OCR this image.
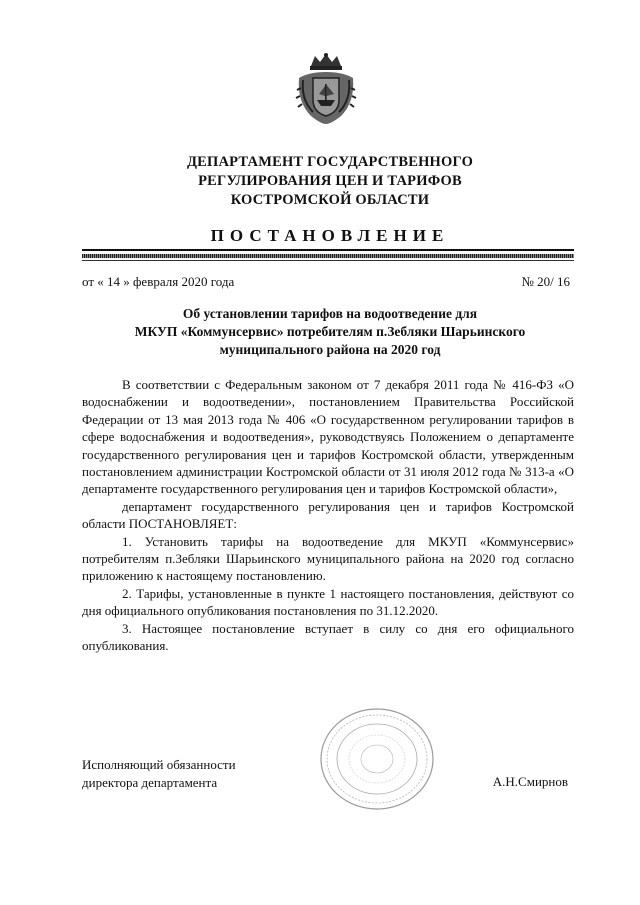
ДЕПАРТАМЕНТ ГОСУДАРСТВЕННОГО
РЕГУЛИРОВАНИЯ ЦЕН И ТАРИФОВ
КОСТРОМСКОЙ ОБЛАСТИ
ПОСТАНОВЛЕНИЕ
от « 14 » февраля 2020 года	№ 20/ 16
Об установлении тарифов на водоотведение для
МКУП «Коммунсервис» потребителям п.Зебляки Шарьинского
муниципального района на 2020 год

В соответствии с Федеральным законом от 7 декабря 2011 года № 416-ФЗ «О водоснабжении и водоотведении», постановлением Правительства Российской Федерации от 13 мая 2013 года № 406 «О государственном регулировании тарифов в сфере водоснабжения и водоотведения», руководствуясь Положением о департаменте государственного регулирования цен и тарифов Костромской области, утвержденным постановлением администрации Костромской области от 31 июля 2012 года № 313-а «О департаменте государственного регулирования цен и тарифов Костромской области»,

департамент государственного регулирования цен и тарифов Костромской области ПОСТАНОВЛЯЕТ:

1. Установить тарифы на водоотведение для МКУП «Коммунсервис» потребителям п.Зебляки Шарьинского муниципального района на 2020 год согласно приложению к настоящему постановлению.

2. Тарифы, установленные в пункте 1 настоящего постановления, действуют со дня официального опубликования постановления по 31.12.2020.

3. Настоящее постановление вступает в силу со дня его официального опубликования.

Исполняющий обязанности
директора департамента	А.Н.Смирнов
